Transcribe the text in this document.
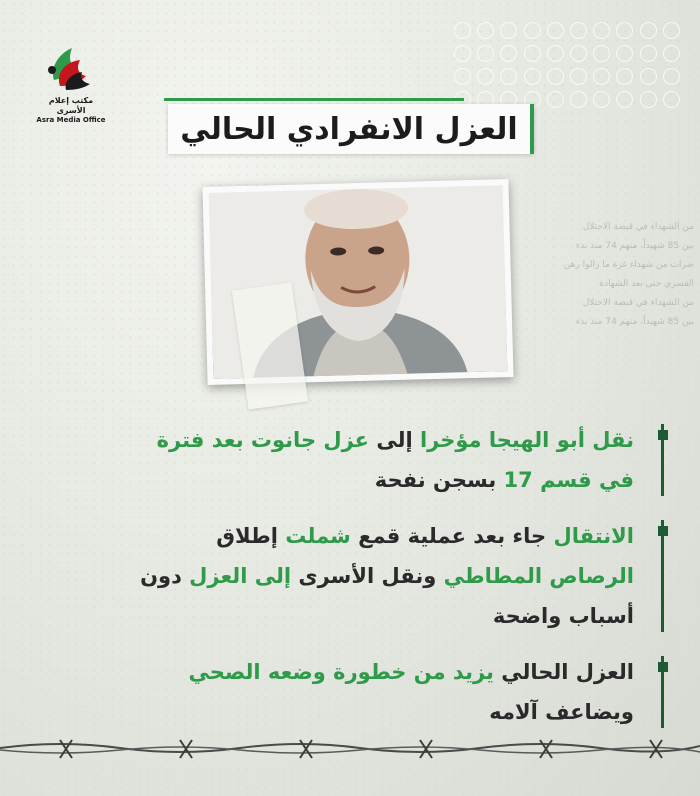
مكتب إعلام الأسرى
Asra Media Office العزل الانفرادي الحالي
من الشهداء في قبضة الاحتلال
بين 85 شهيداً، منهم 74 منذ بدء
ضرات من شهداء غزة ما زالوا رهن
القسري حتى بعد الشهادة
من الشهداء في قبضة الاحتلال
بين 85 شهيداً، منهم 74 منذ بدء
نقل أبو الهيجا مؤخرا إلى عزل جانوت بعد فترة
في قسم 17 بسجن نفحة
الانتقال جاء بعد عملية قمع شملت إطلاق
الرصاص المطاطي ونقل الأسرى إلى العزل دون
أسباب واضحة
العزل الحالي يزيد من خطورة وضعه الصحي
ويضاعف آلامه
